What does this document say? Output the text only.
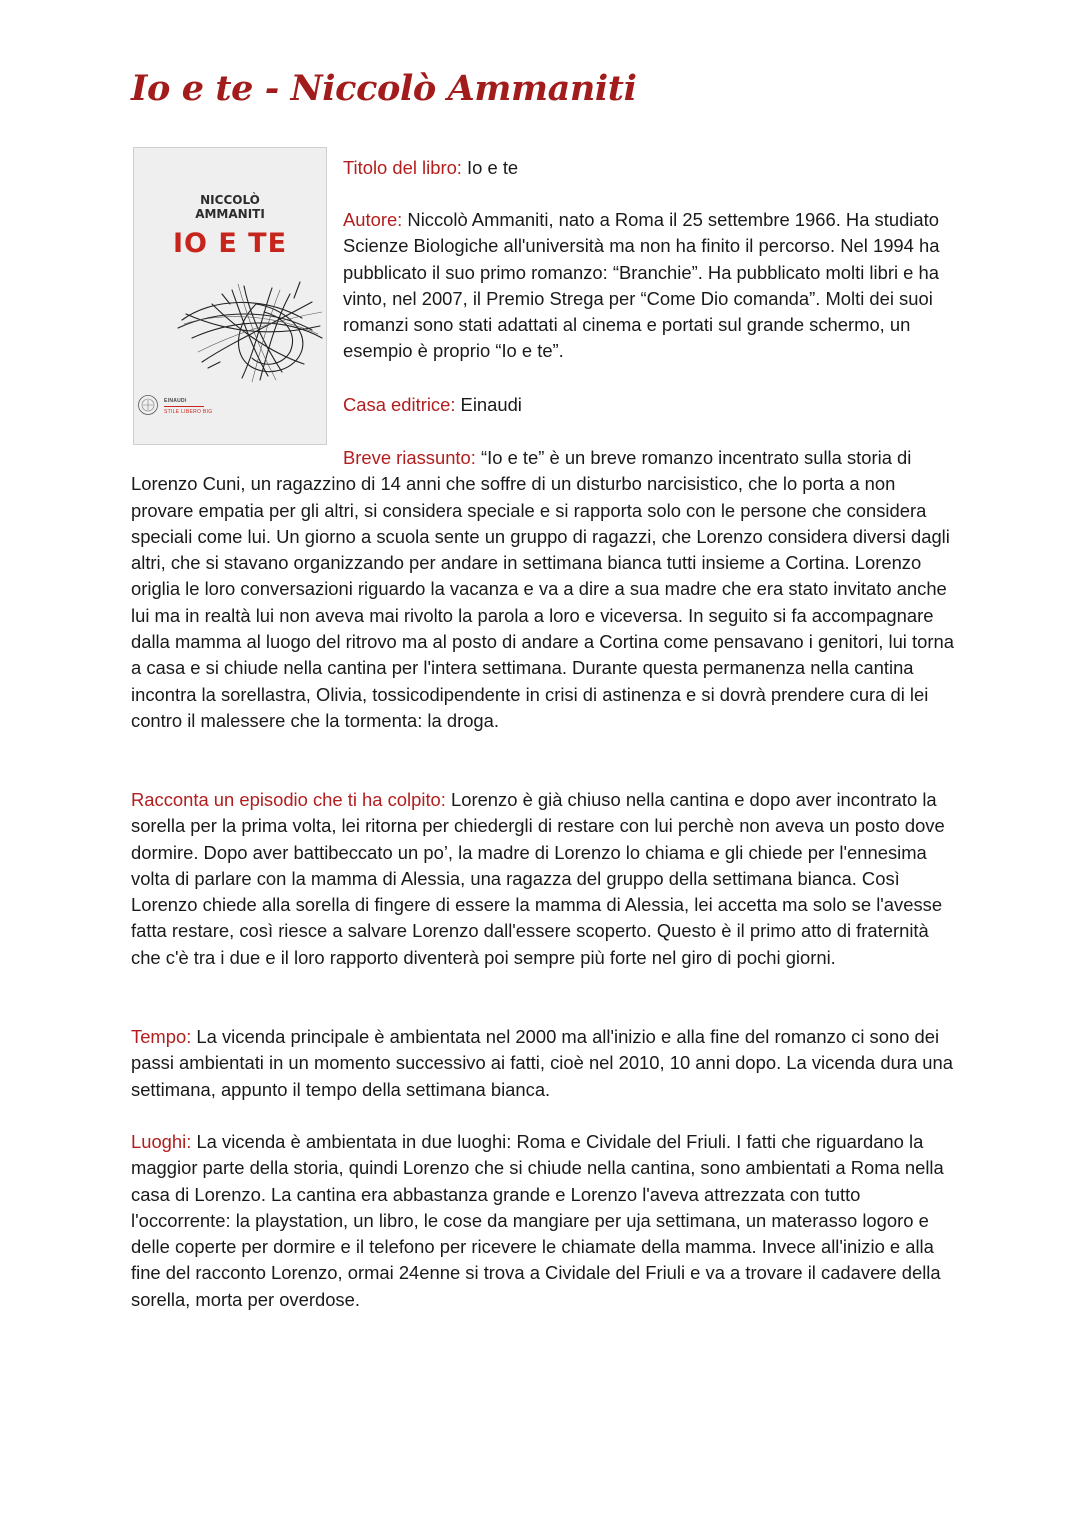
Io e te - Niccolò Ammaniti
NICCOLÒ
AMMANITI
IO E TE
EINAUDI
STILE LIBERO BIG

Titolo del libro: Io e te

Autore: Niccolò Ammaniti, nato a Roma il 25 settembre 1966. Ha studiato Scienze Biologiche all'università ma non ha finito il percorso. Nel 1994 ha pubblicato il suo primo romanzo: “Branchie”. Ha pubblicato molti libri e ha vinto, nel 2007, il Premio Strega per “Come Dio comanda”. Molti dei suoi romanzi sono stati adattati al cinema e portati sul grande schermo, un esempio è proprio “Io e te”.

Casa editrice: Einaudi

Breve riassunto: “Io e te” è un breve romanzo incentrato sulla storia di Lorenzo Cuni, un ragazzino di 14 anni che soffre di un disturbo narcisistico, che lo porta a non provare empatia per gli altri, si considera speciale e si rapporta solo con le persone che considera speciali come lui. Un giorno a scuola sente un gruppo di ragazzi, che Lorenzo considera diversi dagli altri, che si stavano organizzando per andare in settimana bianca tutti insieme a Cortina. Lorenzo origlia le loro conversazioni riguardo la vacanza e va a dire a sua madre che era stato invitato anche lui ma in realtà lui non aveva mai rivolto la parola a loro e viceversa. In seguito si fa accompagnare dalla mamma al luogo del ritrovo ma al posto di andare a Cortina come pensavano i genitori, lui torna a casa e si chiude nella cantina per l'intera settimana. Durante questa permanenza nella cantina incontra la sorellastra, Olivia, tossicodipendente in crisi di astinenza e si dovrà prendere cura di lei contro il malessere che la tormenta: la droga.

Racconta un episodio che ti ha colpito: Lorenzo è già chiuso nella cantina e dopo aver incontrato la sorella per la prima volta, lei ritorna per chiedergli di restare con lui perchè non aveva un posto dove dormire. Dopo aver battibeccato un po’, la madre di Lorenzo lo chiama e gli chiede per l'ennesima volta di parlare con la mamma di Alessia, una ragazza del gruppo della settimana bianca. Così Lorenzo chiede alla sorella di fingere di essere la mamma di Alessia, lei accetta ma solo se l'avesse fatta restare, così riesce a salvare Lorenzo dall'essere scoperto. Questo è il primo atto di fraternità che c'è tra i due e il loro rapporto diventerà poi sempre più forte nel giro di pochi giorni.

Tempo: La vicenda principale è ambientata nel 2000 ma all'inizio e alla fine del romanzo ci sono dei passi ambientati in un momento successivo ai fatti, cioè nel 2010, 10 anni dopo. La vicenda dura una settimana, appunto il tempo della settimana bianca.

Luoghi: La vicenda è ambientata in due luoghi: Roma e Cividale del Friuli. I fatti che riguardano la maggior parte della storia, quindi Lorenzo che si chiude nella cantina, sono ambientati a Roma nella casa di Lorenzo. La cantina era abbastanza grande e Lorenzo l'aveva attrezzata con tutto l'occorrente: la playstation, un libro, le cose da mangiare per uja settimana, un materasso logoro e delle coperte per dormire e il telefono per ricevere le chiamate della mamma. Invece all'inizio e alla fine del racconto Lorenzo, ormai 24enne si trova a Cividale del Friuli e va a trovare il cadavere della sorella, morta per overdose.
